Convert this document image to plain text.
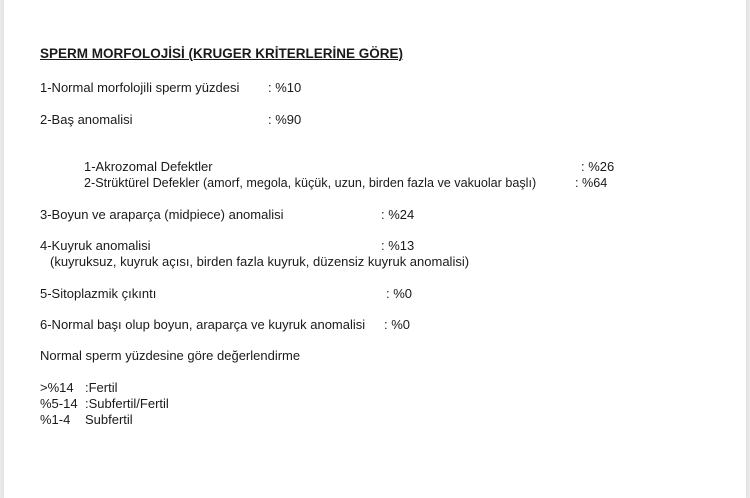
SPERM MORFOLOJİSİ (KRUGER KRİTERLERİNE GÖRE)
1-Normal morfolojili sperm yüzdesi : %10
2-Baş anomalisi	: %90
1-Akrozomal Defektler	: %26
2-Strüktürel Defekler (amorf, megola, küçük, uzun, birden fazla ve vakuolar başlı)	: %64
3-Boyun ve araparça (midpiece) anomalisi	: %24
4-Kuyruk anomalisi	: %13
(kuyruksuz, kuyruk açısı, birden fazla kuyruk, düzensiz kuyruk anomalisi)
5-Sitoplazmik çıkıntı	: %0
6-Normal başı olup boyun, araparça ve kuyruk anomalisi : %0
Normal sperm yüzdesine göre değerlendirme
>%14 :Fertil
%5-14 :Subfertil/Fertil
%1-4 Subfertil
